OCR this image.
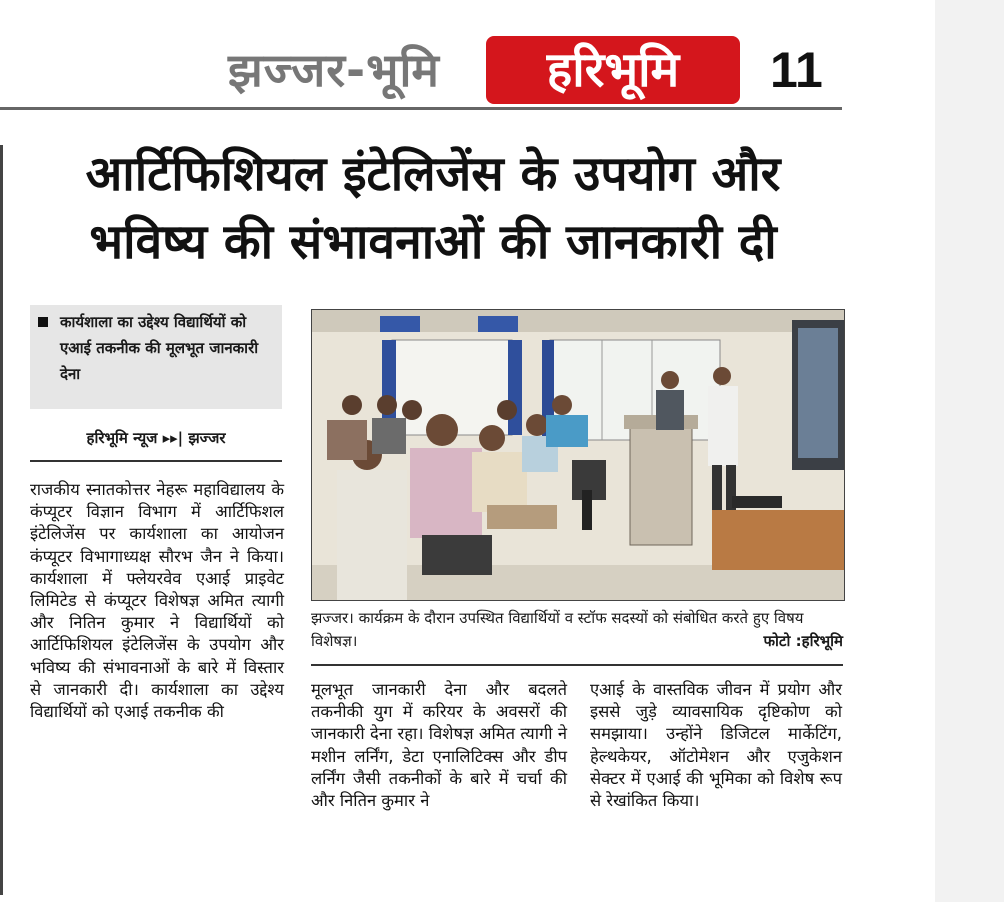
झज्जर-भूमि	हरिभूमि	11
आर्टिफिशियल इंटेलिजेंस के उपयोग और
भविष्य की संभावनाओं की जानकारी दी
कार्यशाला का उद्देश्य विद्यार्थियों को एआई तकनीक की मूलभूत जानकारी देना
हरिभूमि न्यूज ▸▸| झज्जर
राजकीय स्नातकोत्तर नेहरू महाविद्यालय के कंप्यूटर विज्ञान विभाग में आर्टिफिशल इंटेलिजेंस पर कार्यशाला का आयोजन कंप्यूटर विभागाध्यक्ष सौरभ जैन ने किया। कार्यशाला में फ्लेयरवेव एआई प्राइवेट लिमिटेड से कंप्यूटर विशेषज्ञ अमित त्यागी और नितिन कुमार ने विद्यार्थियों को आर्टिफिशियल इंटेलिजेंस के उपयोग और भविष्य की संभावनाओं के बारे में विस्तार से जानकारी दी। कार्यशाला का उद्देश्य विद्यार्थियों को एआई तकनीक की
झज्जर। कार्यक्रम के दौरान उपस्थित विद्यार्थियों व स्टॉफ सदस्यों को संबोधित करते हुए विषय विशेषज्ञ।	फोटो :हरिभूमि
मूलभूत जानकारी देना और बदलते तकनीकी युग में करियर के अवसरों की जानकारी देना रहा। विशेषज्ञ अमित त्यागी ने मशीन लर्निंग, डेटा एनालिटिक्स और डीप लर्निंग जैसी तकनीकों के बारे में चर्चा की और नितिन कुमार ने
एआई के वास्तविक जीवन में प्रयोग और इससे जुड़े व्यावसायिक दृष्टिकोण को समझाया। उन्होंने डिजिटल मार्केटिंग, हेल्थकेयर, ऑटोमेशन और एजुकेशन सेक्टर में एआई की भूमिका को विशेष रूप से रेखांकित किया।
